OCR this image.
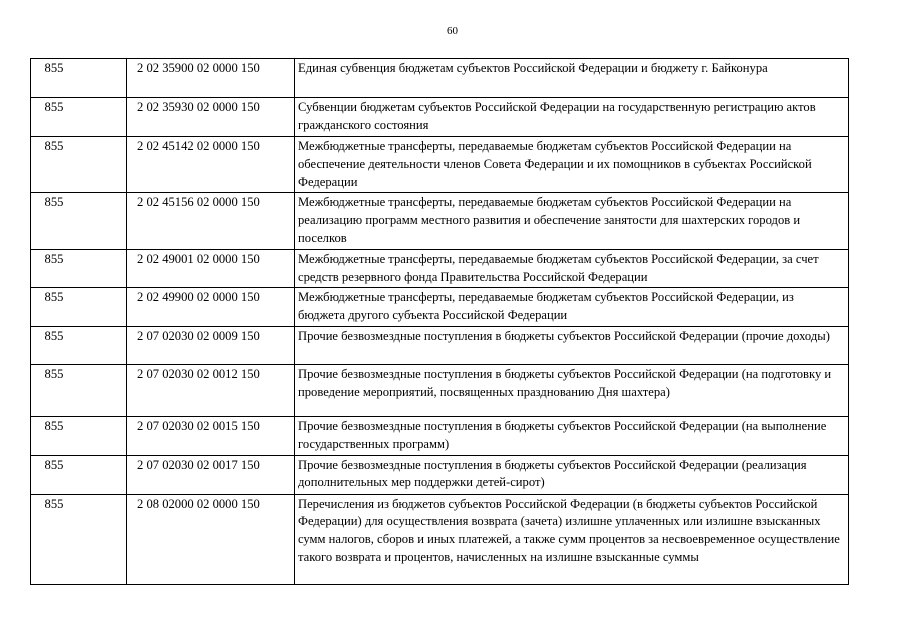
60
855	2 02 35900 02 0000 150	Единая субвенция бюджетам субъектов Российской Федерации и бюджету г. Байконура
855	2 02 35930 02 0000 150	Субвенции бюджетам субъектов Российской Федерации на государственную регистрацию актов гражданского состояния
855	2 02 45142 02 0000 150	Межбюджетные трансферты, передаваемые бюджетам субъектов Российской Федерации на обеспечение деятельности членов Совета Федерации и их помощников в субъектах Российской Федерации
855	2 02 45156 02 0000 150	Межбюджетные трансферты, передаваемые бюджетам субъектов Российской Федерации на реализацию программ местного развития и обеспечение занятости для шахтерских городов и поселков
855	2 02 49001 02 0000 150	Межбюджетные трансферты, передаваемые бюджетам субъектов Российской Федерации, за счет средств резервного фонда Правительства Российской Федерации
855	2 02 49900 02 0000 150	Межбюджетные трансферты, передаваемые бюджетам субъектов Российской Федерации, из бюджета другого субъекта Российской Федерации
855	2 07 02030 02 0009 150	Прочие безвозмездные поступления в бюджеты субъектов Российской Федерации (прочие доходы)
855	2 07 02030 02 0012 150	Прочие безвозмездные поступления в бюджеты субъектов Российской Федерации (на подготовку и проведение мероприятий, посвященных празднованию Дня шахтера)
855	2 07 02030 02 0015 150	Прочие безвозмездные поступления в бюджеты субъектов Российской Федерации (на выполнение государственных программ)
855	2 07 02030 02 0017 150	Прочие безвозмездные поступления в бюджеты субъектов Российской Федерации (реализация дополнительных мер поддержки детей-сирот)
855	2 08 02000 02 0000 150	Перечисления из бюджетов субъектов Российской Федерации (в бюджеты субъектов Российской Федерации) для осуществления возврата (зачета) излишне уплаченных или излишне взысканных сумм налогов, сборов и иных платежей, а также сумм процентов за несвоевременное осуществление такого возврата и процентов, начисленных на излишне взысканные суммы
